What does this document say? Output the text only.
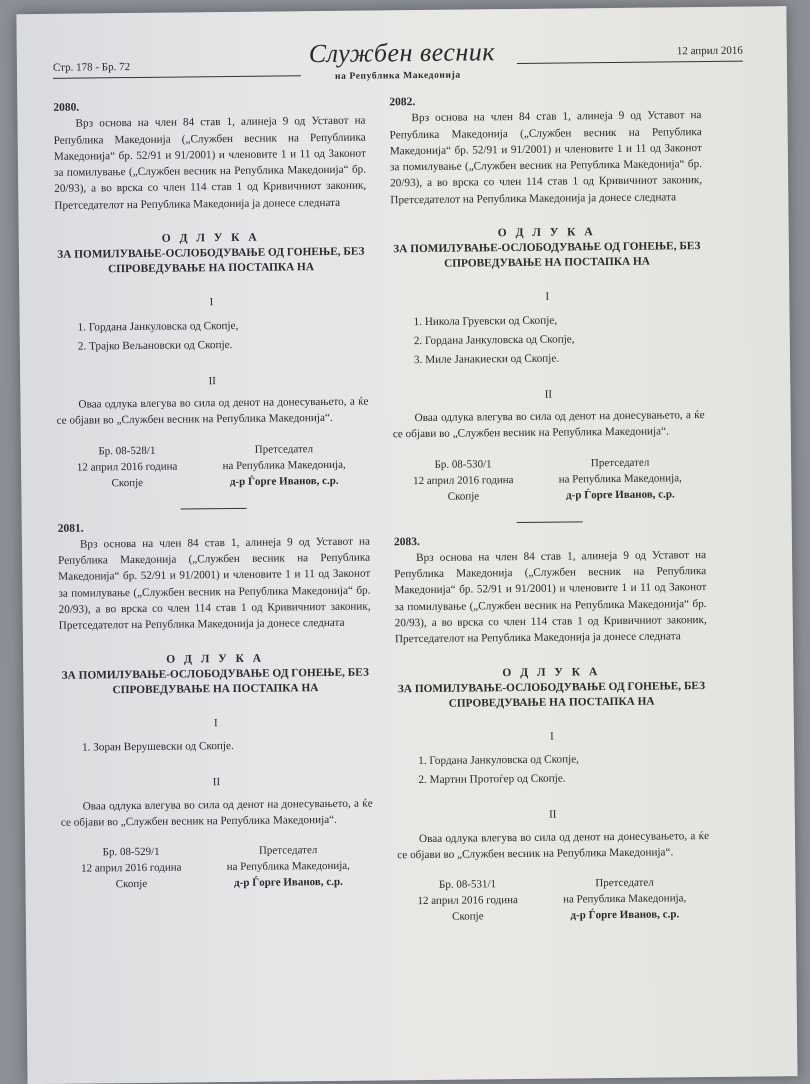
Стр. 178 - Бр. 72	Службен весник
на Република Македонија
12 април 2016
2080.

Врз основа на член 84 став 1, алинеја 9 од Уставот на Република Македонија („Службен весник на Републиика Македонија“ бр. 52/91 и 91/2001) и членовите 1 и 11 од Законот за помилување („Службен весник на Република Македонија“ бр. 20/93), а во врска со член 114 став 1 од Кривичниот законик, Претседателот на Република Македонија ја донесе следната

О Д Л У К А
ЗА ПОМИЛУВАЊЕ-ОСЛОБОДУВАЊЕ ОД ГОНЕЊЕ, БЕЗ СПРОВЕДУВАЊЕ НА ПОСТАПКА НА
I
1. Гордана Јанкуловска од Скопје,
2. Трајко Вељановски од Скопје.
II

Оваа одлука влегува во сила од денот на донесувањето, а ќе се објави во „Службен весник на Република Македонија“.

Бр. 08-528/1
12 април 2016 година
Скопје
Претседател
на Република Македонија,
д-р Ѓорге Иванов, с.р.
2081.

Врз основа на член 84 став 1, алинеја 9 од Уставот на Република Македонија („Службен весник на Република Македонија“ бр. 52/91 и 91/2001) и членовите 1 и 11 од Законот за помилување („Службен весник на Република Македонија“ бр. 20/93), а во врска со член 114 став 1 од Кривичниот законик, Претседателот на Република Македонија ја донесе следната

О Д Л У К А
ЗА ПОМИЛУВАЊЕ-ОСЛОБОДУВАЊЕ ОД ГОНЕЊЕ, БЕЗ СПРОВЕДУВАЊЕ НА ПОСТАПКА НА
I
1. Зоран Верушевски од Скопје.
II

Оваа одлука влегува во сила од денот на донесувањето, а ќе се објави во „Службен весник на Република Македонија“.

Бр. 08-529/1
12 април 2016 година
Скопје
Претседател
на Република Македонија,
д-р Ѓорге Иванов, с.р.
2082.

Врз основа на член 84 став 1, алинеја 9 од Уставот на Република Македонија („Службен весник на Република Македонија“ бр. 52/91 и 91/2001) и членовите 1 и 11 од Законот за помилување („Службен весник на Република Македонија“ бр. 20/93), а во врска со член 114 став 1 од Кривичниот законик, Претседателот на Република Македонија ја донесе следната

О Д Л У К А
ЗА ПОМИЛУВАЊЕ-ОСЛОБОДУВАЊЕ ОД ГОНЕЊЕ, БЕЗ СПРОВЕДУВАЊЕ НА ПОСТАПКА НА
I
1. Никола Груевски од Скопје,
2. Гордана Јанкуловска од Скопје,
3. Миле Јанакиески од Скопје.
II

Оваа одлука влегува во сила од денот на донесувањето, а ќе се објави во „Службен весник на Република Македонија“.

Бр. 08-530/1
12 април 2016 година
Скопје
Претседател
на Република Македонија,
д-р Ѓорге Иванов, с.р.
2083.

Врз основа на член 84 став 1, алинеја 9 од Уставот на Република Македонија („Службен весник на Република Македонија“ бр. 52/91 и 91/2001) и членовите 1 и 11 од Законот за помилување („Службен весник на Република Македонија“ бр. 20/93), а во врска со член 114 став 1 од Кривичниот законик, Претседателот на Република Македонија ја донесе следната

О Д Л У К А
ЗА ПОМИЛУВАЊЕ-ОСЛОБОДУВАЊЕ ОД ГОНЕЊЕ, БЕЗ СПРОВЕДУВАЊЕ НА ПОСТАПКА НА
I
1. Гордана Јанкуловска од Скопје,
2. Мартин Протоѓер од Скопје.
II

Оваа одлука влегува во сила од денот на донесувањето, а ќе се објави во „Службен весник на Република Македонија“.

Бр. 08-531/1
12 април 2016 година
Скопје
Претседател
на Република Македонија,
д-р Ѓорге Иванов, с.р.
